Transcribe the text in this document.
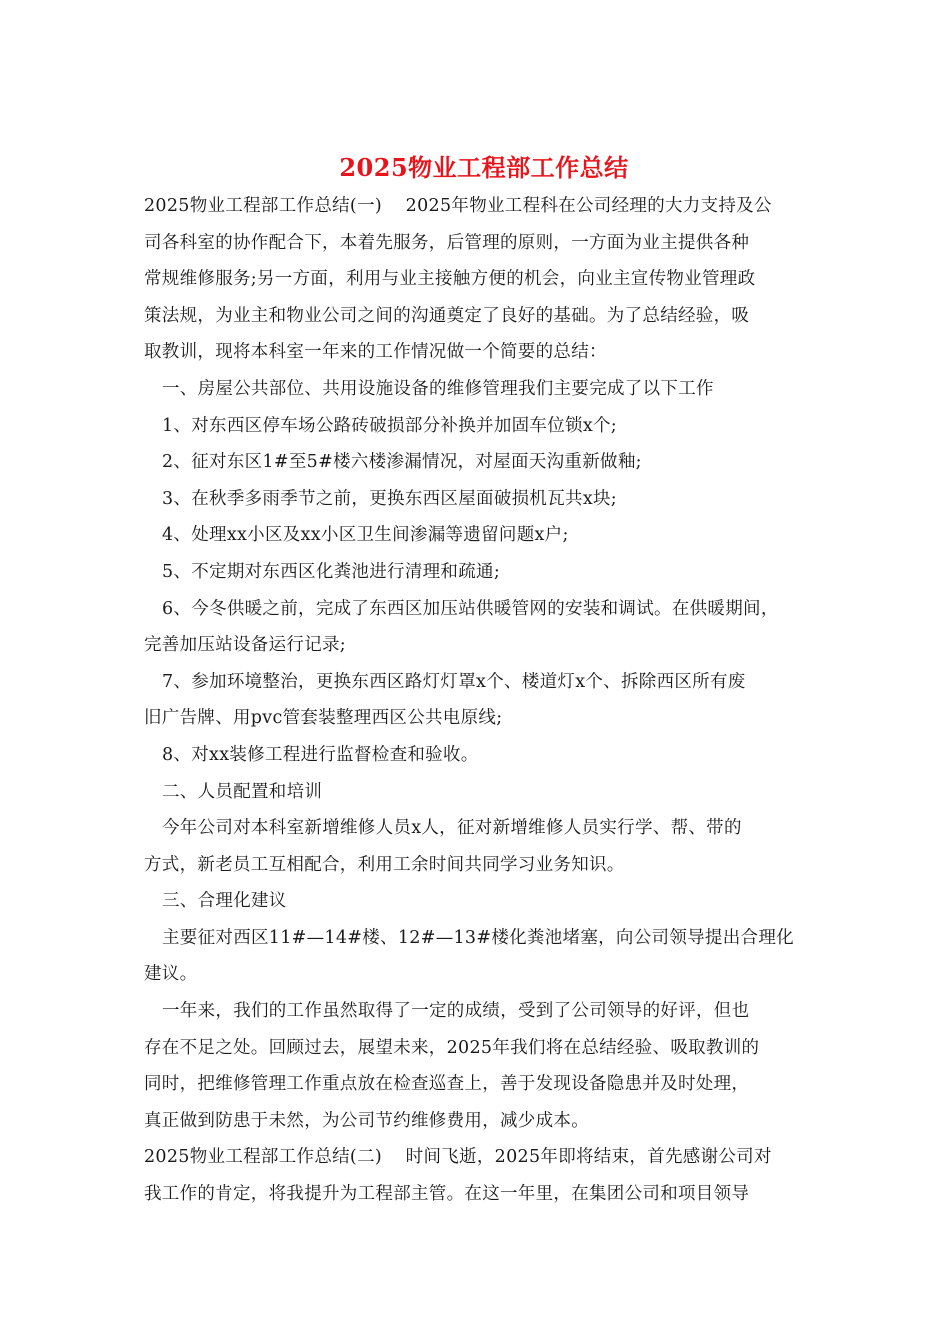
2025物业工程部工作总结
2025物业工程部工作总结(一)　 2025年物业工程科在公司经理的大力支持及公
司各科室的协作配合下，本着先服务，后管理的原则，一方面为业主提供各种
常规维修服务;另一方面，利用与业主接触方便的机会，向业主宣传物业管理政
策法规，为业主和物业公司之间的沟通奠定了良好的基础。为了总结经验，吸
取教训，现将本科室一年来的工作情况做一个简要的总结：
一、房屋公共部位、共用设施设备的维修管理我们主要完成了以下工作
1、对东西区停车场公路砖破损部分补换并加固车位锁x个;
2、征对东区1#至5#楼六楼渗漏情况，对屋面天沟重新做釉;
3、在秋季多雨季节之前，更换东西区屋面破损机瓦共x块;
4、处理xx小区及xx小区卫生间渗漏等遗留问题x户;
5、不定期对东西区化粪池进行清理和疏通;
6、今冬供暖之前，完成了东西区加压站供暖管网的安装和调试。在供暖期间，
完善加压站设备运行记录;
7、参加环境整治，更换东西区路灯灯罩x个、楼道灯x个、拆除西区所有废
旧广告牌、用pvc管套装整理西区公共电原线;
8、对xx装修工程进行监督检查和验收。
二、人员配置和培训
今年公司对本科室新增维修人员x人，征对新增维修人员实行学、帮、带的
方式，新老员工互相配合，利用工余时间共同学习业务知识。
三、合理化建议
主要征对西区11#—14#楼、12#—13#楼化粪池堵塞，向公司领导提出合理化
建议。
一年来，我们的工作虽然取得了一定的成绩，受到了公司领导的好评，但也
存在不足之处。回顾过去，展望未来，2025年我们将在总结经验、吸取教训的
同时，把维修管理工作重点放在检查巡查上，善于发现设备隐患并及时处理，
真正做到防患于未然，为公司节约维修费用，减少成本。
2025物业工程部工作总结(二)　 时间飞逝，2025年即将结束，首先感谢公司对
我工作的肯定，将我提升为工程部主管。在这一年里，在集团公司和项目领导
